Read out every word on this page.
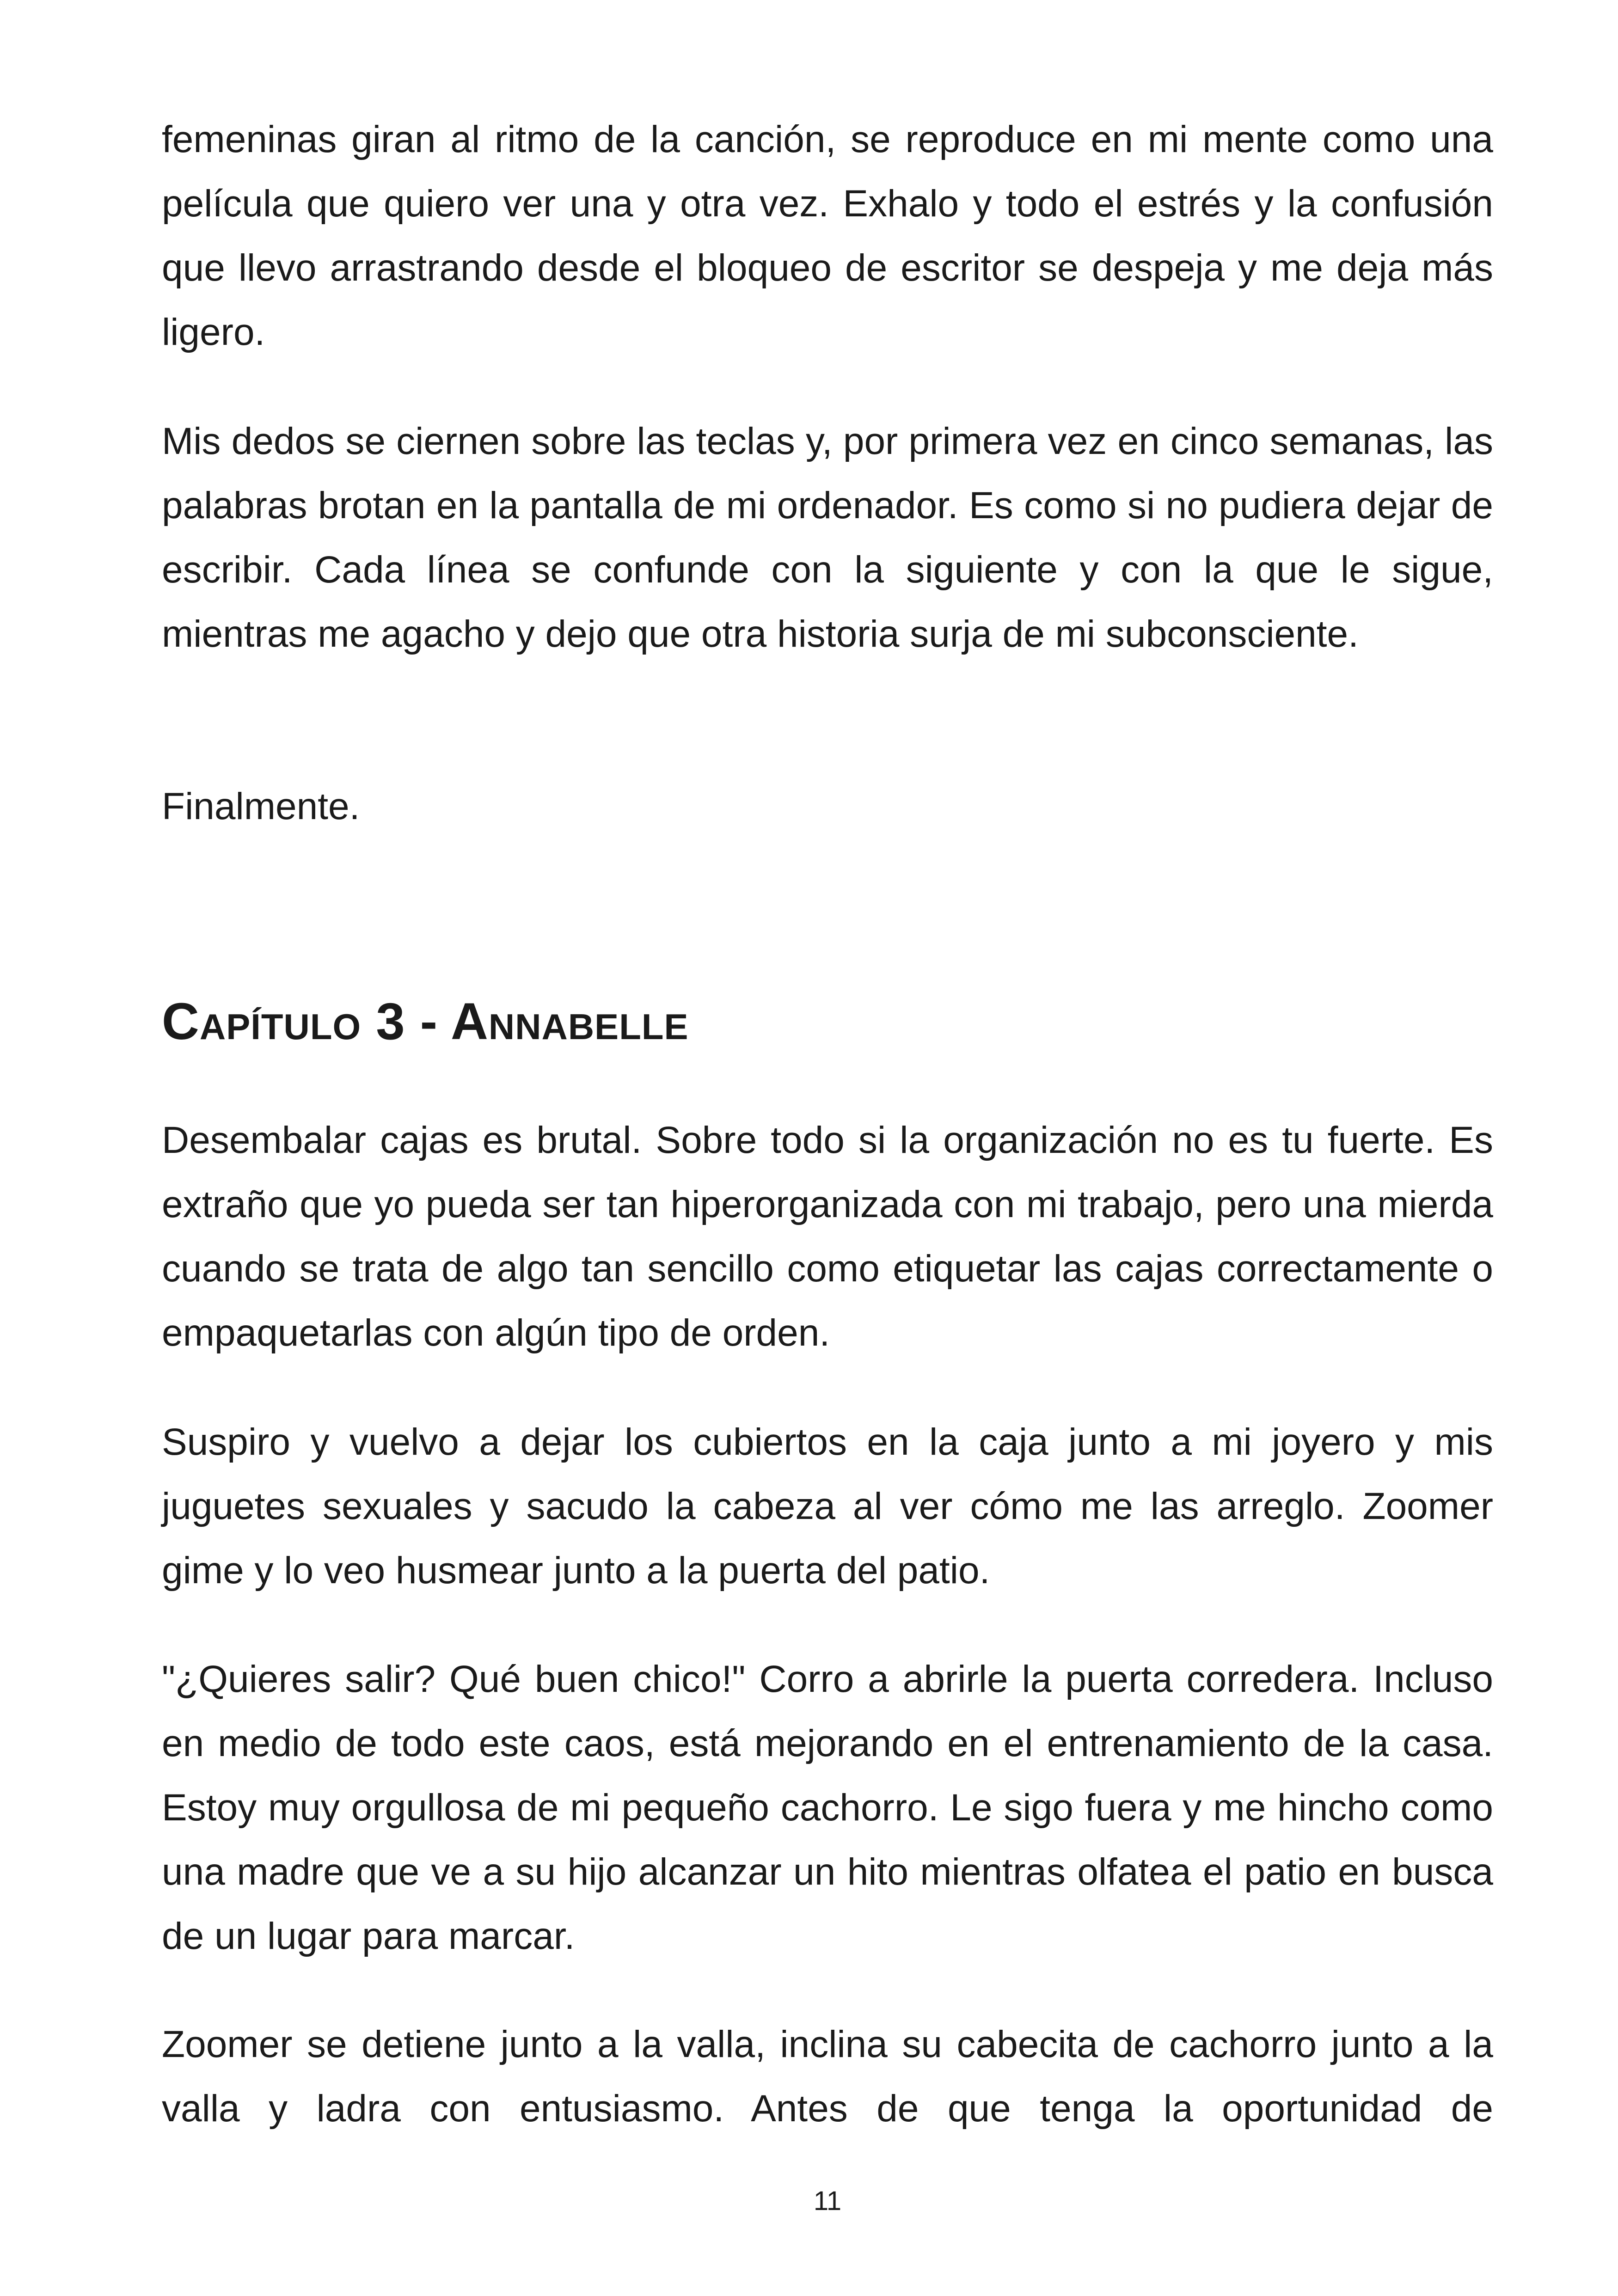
femeninas giran al ritmo de la canción, se reproduce en mi mente como una película que quiero ver una y otra vez. Exhalo y todo el estrés y la confusión que llevo arrastrando desde el bloqueo de escritor se despeja y me deja más ligero.

Mis dedos se ciernen sobre las teclas y, por primera vez en cinco semanas, las palabras brotan en la pantalla de mi ordenador. Es como si no pudiera dejar de escribir. Cada línea se confunde con la siguiente y con la que le sigue, mientras me agacho y dejo que otra historia surja de mi subconsciente.

Finalmente.

Capítulo 3 - Annabelle

Desembalar cajas es brutal. Sobre todo si la organización no es tu fuerte. Es extraño que yo pueda ser tan hiperorganizada con mi trabajo, pero una mierda cuando se trata de algo tan sencillo como etiquetar las cajas correctamente o empaquetarlas con algún tipo de orden.

Suspiro y vuelvo a dejar los cubiertos en la caja junto a mi joyero y mis juguetes sexuales y sacudo la cabeza al ver cómo me las arreglo. Zoomer gime y lo veo husmear junto a la puerta del patio.

"¿Quieres salir? Qué buen chico!" Corro a abrirle la puerta corredera. Incluso en medio de todo este caos, está mejorando en el entrenamiento de la casa. Estoy muy orgullosa de mi pequeño cachorro. Le sigo fuera y me hincho como una madre que ve a su hijo alcanzar un hito mientras olfatea el patio en busca de un lugar para marcar.

Zoomer se detiene junto a la valla, inclina su cabecita de cachorro junto a la valla y ladra con entusiasmo. Antes de que tenga la oportunidad de

11
